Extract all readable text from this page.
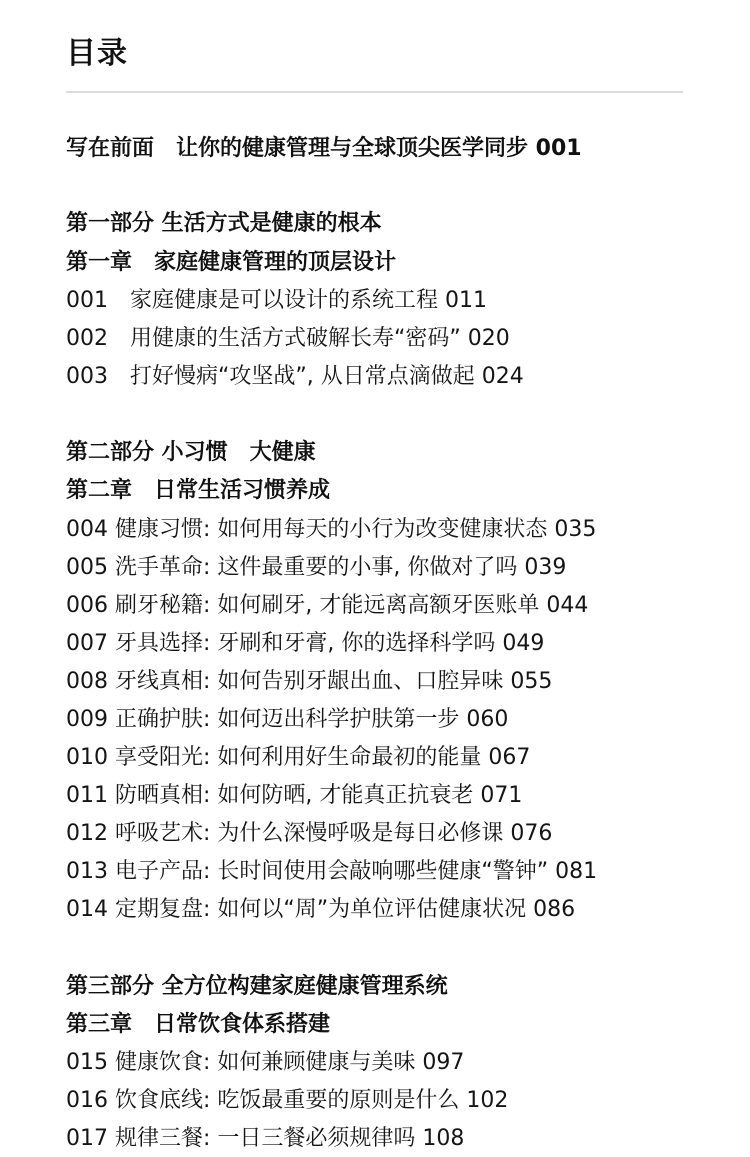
目录
写在前面　让你的健康管理与全球顶尖医学同步 001
第一部分 生活方式是健康的根本
第一章　家庭健康管理的顶层设计
001　家庭健康是可以设计的系统工程 011
002　用健康的生活方式破解长寿“密码” 020
003　打好慢病“攻坚战”, 从日常点滴做起 024
第二部分 小习惯　大健康
第二章　日常生活习惯养成
004 健康习惯: 如何用每天的小行为改变健康状态 035
005 洗手革命: 这件最重要的小事, 你做对了吗 039
006 刷牙秘籍: 如何刷牙, 才能远离高额牙医账单 044
007 牙具选择: 牙刷和牙膏, 你的选择科学吗 049
008 牙线真相: 如何告别牙龈出血、口腔异味 055
009 正确护肤: 如何迈出科学护肤第一步 060
010 享受阳光: 如何利用好生命最初的能量 067
011 防晒真相: 如何防晒, 才能真正抗衰老 071
012 呼吸艺术: 为什么深慢呼吸是每日必修课 076
013 电子产品: 长时间使用会敲响哪些健康“警钟” 081
014 定期复盘: 如何以“周”为单位评估健康状况 086
第三部分 全方位构建家庭健康管理系统
第三章　日常饮食体系搭建
015 健康饮食: 如何兼顾健康与美味 097
016 饮食底线: 吃饭最重要的原则是什么 102
017 规律三餐: 一日三餐必须规律吗 108
